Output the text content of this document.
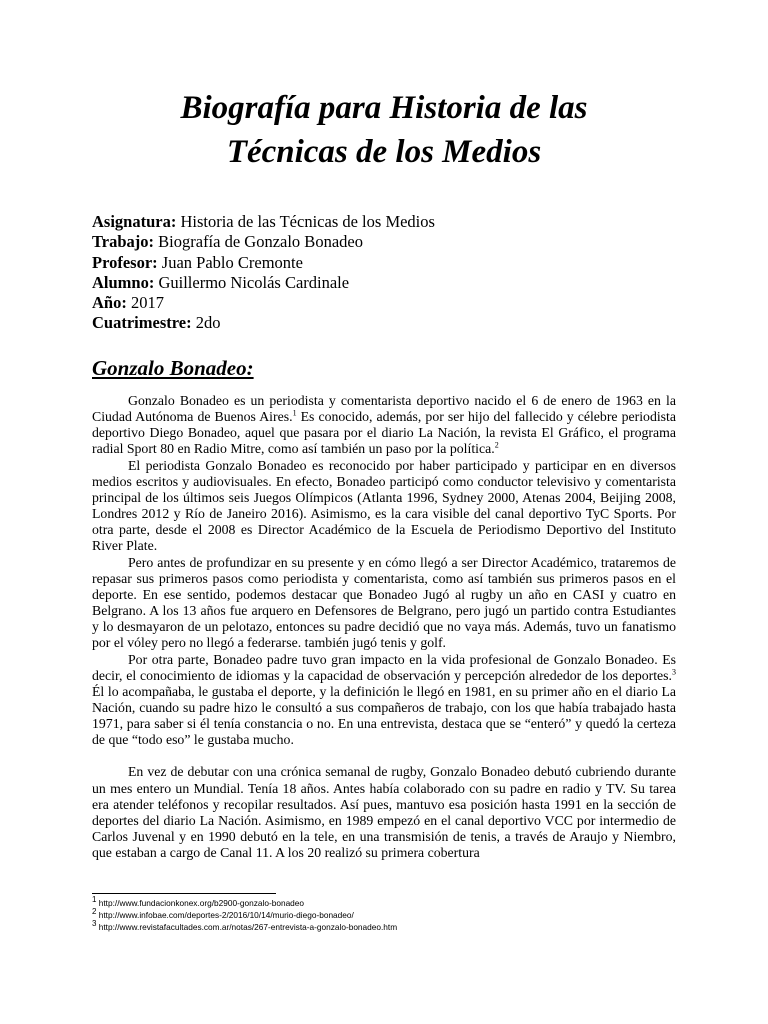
Biografía para Historia de las
Técnicas de los Medios
Asignatura: Historia de las Técnicas de los Medios
Trabajo: Biografía de Gonzalo Bonadeo
Profesor: Juan Pablo Cremonte
Alumno: Guillermo Nicolás Cardinale
Año: 2017
Cuatrimestre: 2do
Gonzalo Bonadeo:

Gonzalo Bonadeo es un periodista y comentarista deportivo nacido el 6 de enero de 1963 en la Ciudad Autónoma de Buenos Aires.$^1$ Es conocido, además, por ser hijo del fallecido y célebre periodista deportivo Diego Bonadeo, aquel que pasara por el diario La Nación, la revista El Gráfico, el programa radial Sport 80 en Radio Mitre, como así también un paso por la política.$^2$

El periodista Gonzalo Bonadeo es reconocido por haber participado y participar en en diversos medios escritos y audiovisuales. En efecto, Bonadeo participó como conductor televisivo y comentarista principal de los últimos seis Juegos Olímpicos (Atlanta 1996, Sydney 2000, Atenas 2004, Beijing 2008, Londres 2012 y Río de Janeiro 2016). Asimismo, es la cara visible del canal deportivo TyC Sports. Por otra parte, desde el 2008 es Director Académico de la Escuela de Periodismo Deportivo del Instituto River Plate.

Pero antes de profundizar en su presente y en cómo llegó a ser Director Académico, trataremos de repasar sus primeros pasos como periodista y comentarista, como así también sus primeros pasos en el deporte. En ese sentido, podemos destacar que Bonadeo Jugó al rugby un año en CASI y cuatro en Belgrano. A los 13 años fue arquero en Defensores de Belgrano, pero jugó un partido contra Estudiantes y lo desmayaron de un pelotazo, entonces su padre decidió que no vaya más. Además, tuvo un fanatismo por el vóley pero no llegó a federarse. también jugó tenis y golf.

Por otra parte, Bonadeo padre tuvo gran impacto en la vida profesional de Gonzalo Bonadeo. Es decir, el conocimiento de idiomas y la capacidad de observación y percepción alrededor de los deportes.$^3$ Él lo acompañaba, le gustaba el deporte, y la definición le llegó en 1981, en su primer año en el diario La Nación, cuando su padre hizo le consultó a sus compañeros de trabajo, con los que había trabajado hasta 1971, para saber si él tenía constancia o no. En una entrevista, destaca que se “enteró” y quedó la certeza de que “todo eso” le gustaba mucho.

En vez de debutar con una crónica semanal de rugby, Gonzalo Bonadeo debutó cubriendo durante un mes entero un Mundial. Tenía 18 años. Antes había colaborado con su padre en radio y TV. Su tarea era atender teléfonos y recopilar resultados. Así pues, mantuvo esa posición hasta 1991 en la sección de deportes del diario La Nación. Asimismo, en 1989 empezó en el canal deportivo VCC por intermedio de Carlos Juvenal y en 1990 debutó en la tele, en una transmisión de tenis, a través de Araujo y Niembro, que estaban a cargo de Canal 11. A los 20 realizó su primera cobertura

$^1$ http://www.fundacionkonex.org/b2900-gonzalo-bonadeo
$^2$ http://www.infobae.com/deportes-2/2016/10/14/murio-diego-bonadeo/
$^3$ http://www.revistafacultades.com.ar/notas/267-entrevista-a-gonzalo-bonadeo.htm
